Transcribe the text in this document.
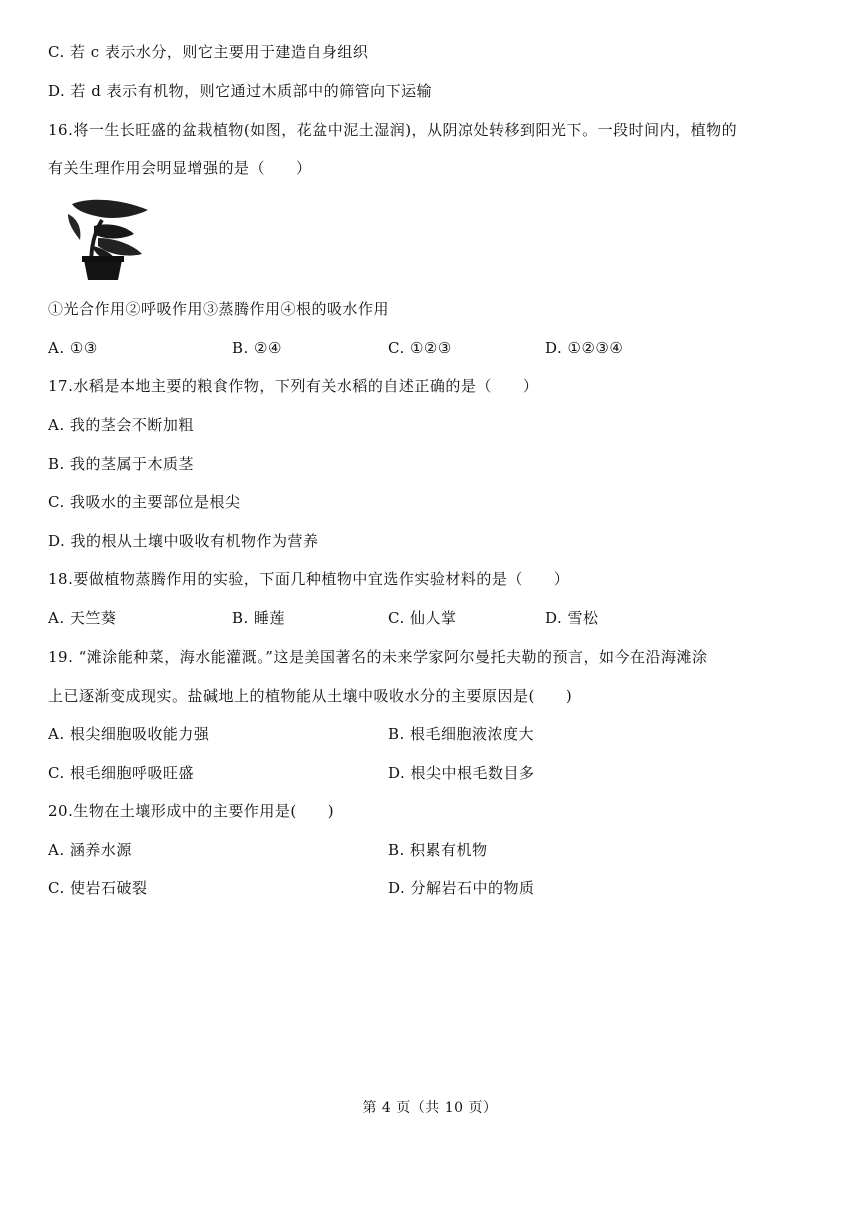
C. 若 c 表示水分，则它主要用于建造自身组织
D. 若 d 表示有机物，则它通过木质部中的筛管向下运输
16.将一生长旺盛的盆栽植物(如图，花盆中泥土湿润)，从阴凉处转移到阳光下。一段时间内，植物的
有关生理作用会明显增强的是（　　）
①光合作用②呼吸作用③蒸腾作用④根的吸水作用
A. ①③	B. ②④	C. ①②③	D. ①②③④
17.水稻是本地主要的粮食作物，下列有关水稻的自述正确的是（　　）
A. 我的茎会不断加粗
B. 我的茎属于木质茎
C. 我吸水的主要部位是根尖
D. 我的根从土壤中吸收有机物作为营养
18.要做植物蒸腾作用的实验，下面几种植物中宜选作实验材料的是（　　）
A. 天竺葵	B. 睡莲	C. 仙人掌	D. 雪松
19. “滩涂能种菜，海水能灌溉。”这是美国著名的未来学家阿尔曼托夫勒的预言，如今在沿海滩涂
上已逐渐变成现实。盐碱地上的植物能从土壤中吸收水分的主要原因是(　　)
A. 根尖细胞吸收能力强	B. 根毛细胞液浓度大
C. 根毛细胞呼吸旺盛	D. 根尖中根毛数目多
20.生物在土壤形成中的主要作用是(　　)
A. 涵养水源	B. 积累有机物
C. 使岩石破裂	D. 分解岩石中的物质
第 4 页（共 10 页）
